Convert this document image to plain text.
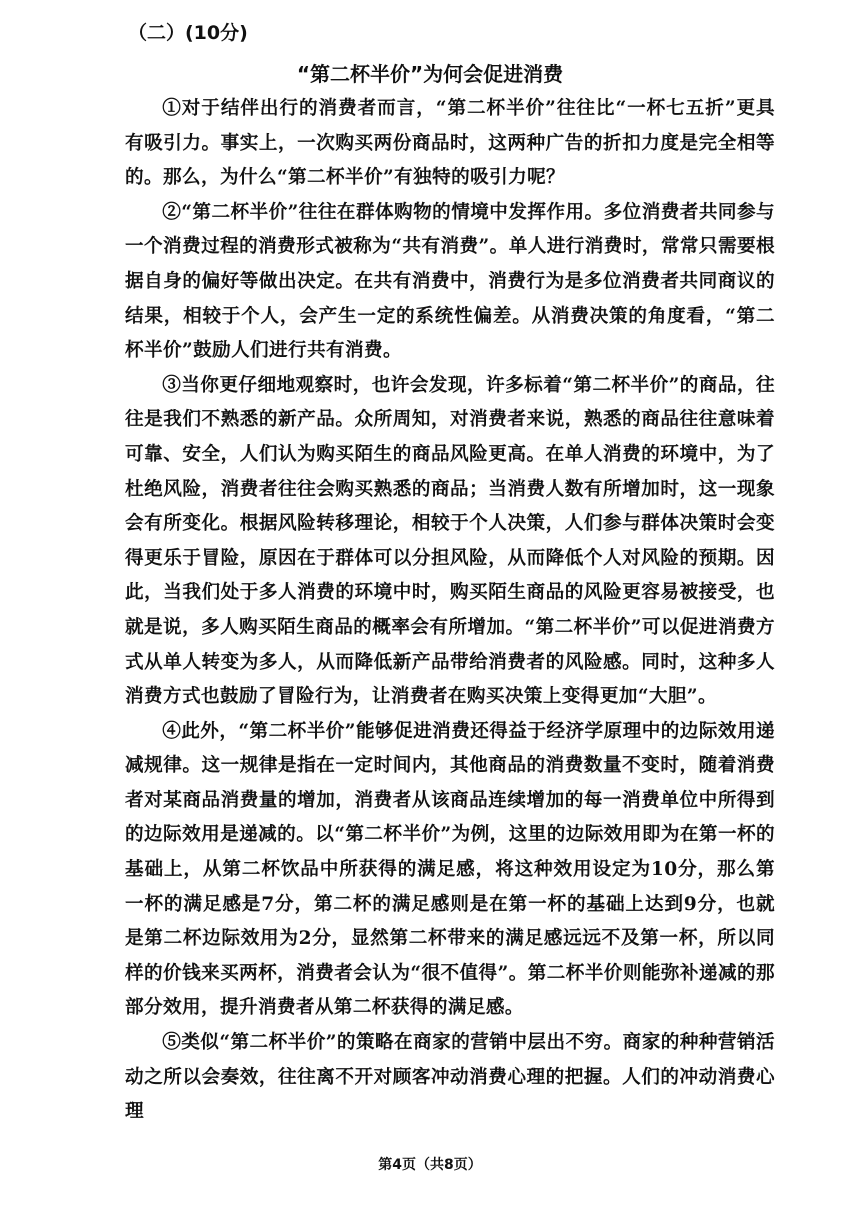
（二）(10分)
“第二杯半价”为何会促进消费

①对于结伴出行的消费者而言，“第二杯半价”往往比“一杯七五折”更具有吸引力。事实上，一次购买两份商品时，这两种广告的折扣力度是完全相等的。那么，为什么“第二杯半价”有独特的吸引力呢？

②“第二杯半价”往往在群体购物的情境中发挥作用。多位消费者共同参与一个消费过程的消费形式被称为“共有消费”。单人进行消费时，常常只需要根据自身的偏好等做出决定。在共有消费中，消费行为是多位消费者共同商议的结果，相较于个人，会产生一定的系统性偏差。从消费决策的角度看，“第二杯半价”鼓励人们进行共有消费。

③当你更仔细地观察时，也许会发现，许多标着“第二杯半价”的商品，往往是我们不熟悉的新产品。众所周知，对消费者来说，熟悉的商品往往意味着可靠、安全，人们认为购买陌生的商品风险更高。在单人消费的环境中，为了杜绝风险，消费者往往会购买熟悉的商品；当消费人数有所增加时，这一现象会有所变化。根据风险转移理论，相较于个人决策，人们参与群体决策时会变得更乐于冒险，原因在于群体可以分担风险，从而降低个人对风险的预期。因此，当我们处于多人消费的环境中时，购买陌生商品的风险更容易被接受，也就是说，多人购买陌生商品的概率会有所增加。“第二杯半价”可以促进消费方式从单人转变为多人，从而降低新产品带给消费者的风险感。同时，这种多人消费方式也鼓励了冒险行为，让消费者在购买决策上变得更加“大胆”。

④此外，“第二杯半价”能够促进消费还得益于经济学原理中的边际效用递减规律。这一规律是指在一定时间内，其他商品的消费数量不变时，随着消费者对某商品消费量的增加，消费者从该商品连续增加的每一消费单位中所得到的边际效用是递减的。以“第二杯半价”为例，这里的边际效用即为在第一杯的基础上，从第二杯饮品中所获得的满足感，将这种效用设定为10分，那么第一杯的满足感是7分，第二杯的满足感则是在第一杯的基础上达到9分，也就是第二杯边际效用为2分，显然第二杯带来的满足感远远不及第一杯，所以同样的价钱来买两杯，消费者会认为“很不值得”。第二杯半价则能弥补递减的那部分效用，提升消费者从第二杯获得的满足感。

⑤类似“第二杯半价”的策略在商家的营销中层出不穷。商家的种种营销活动之所以会奏效，往往离不开对顾客冲动消费心理的把握。人们的冲动消费心理

第4页（共8页）
